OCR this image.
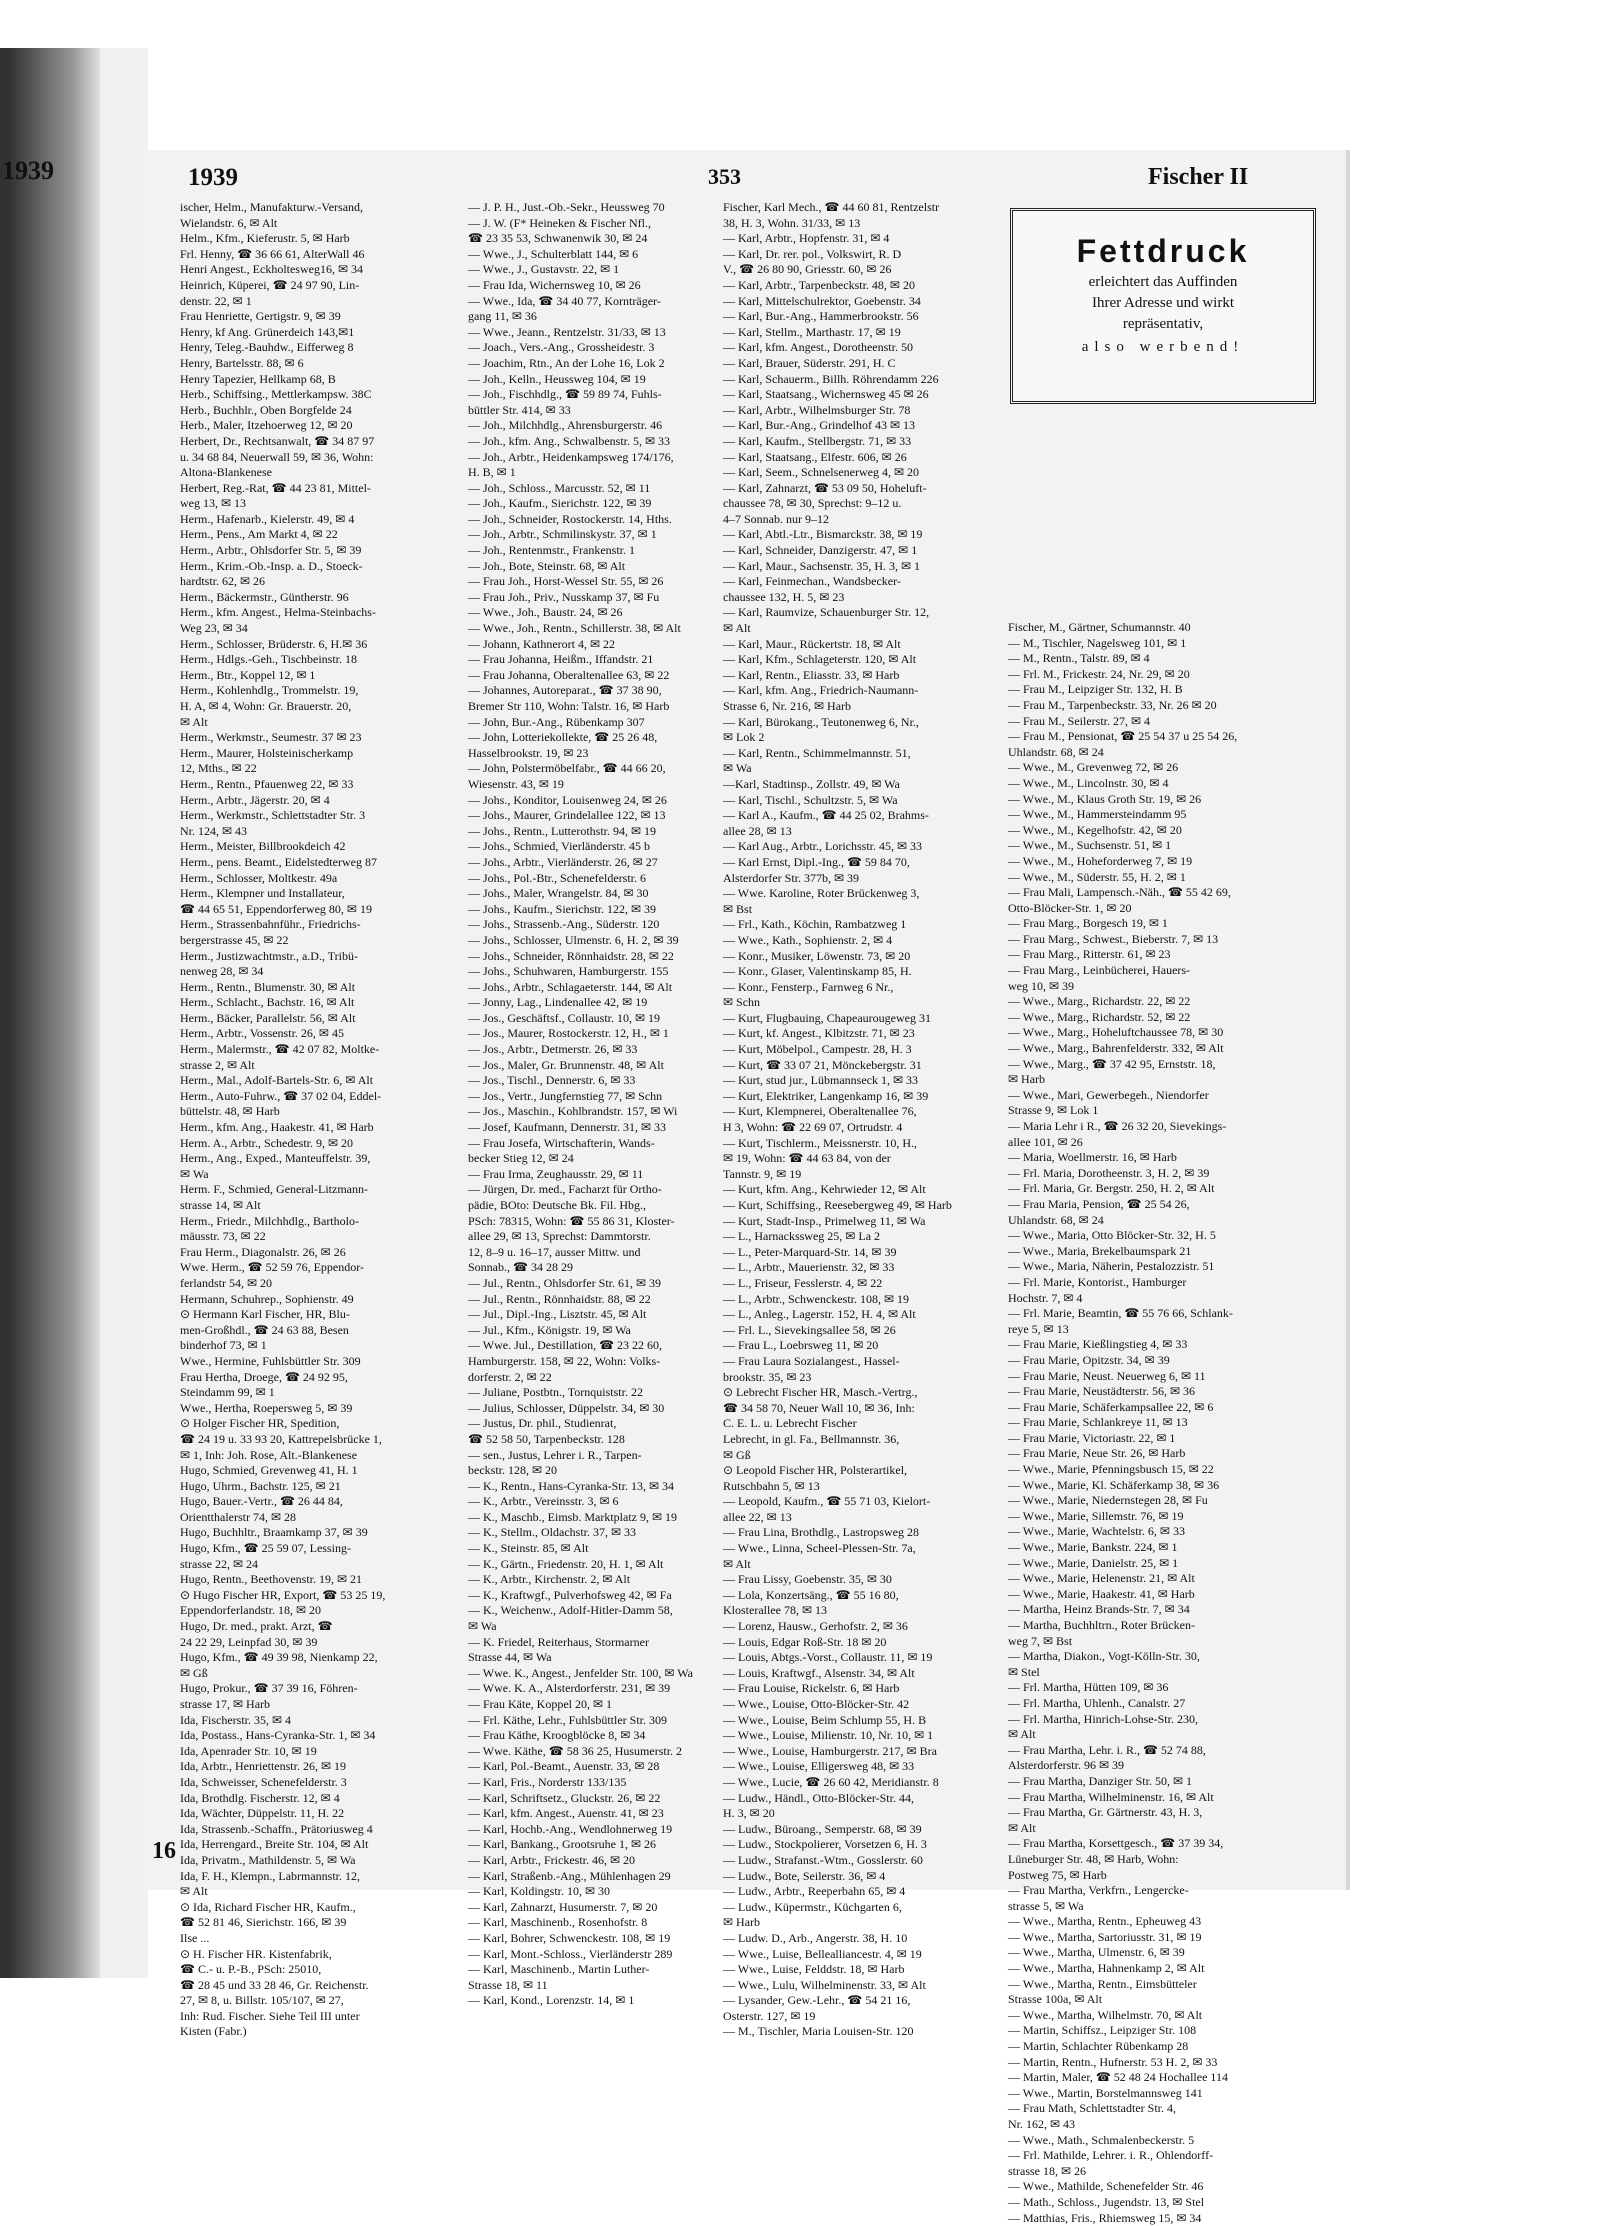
1939	1939	353	Fischer II
ischer, Helm., Manufakturw.-Versand,
Wielandstr. 6, ✉ Alt
Helm., Kfm., Kieferustr. 5, ✉ Harb
Frl. Henny, ☎ 36 66 61, AlterWall 46
Henri Angest., Eckholtesweg16, ✉ 34
Heinrich, Küperei, ☎ 24 97 90, Lin-
denstr. 22, ✉ 1
Frau Henriette, Gertigstr. 9, ✉ 39
Henry, kf Ang. Grünerdeich 143,✉1
Henry, Teleg.-Bauhdw., Eifferweg 8
Henry, Bartelsstr. 88, ✉ 6
Henry Tapezier, Hellkamp 68, B
Herb., Schiffsing., Mettlerkampsw. 38C
Herb., Buchhlr., Oben Borgfelde 24
Herb., Maler, Itzehoerweg 12, ✉ 20
Herbert, Dr., Rechtsanwalt, ☎ 34 87 97
u. 34 68 84, Neuerwall 59, ✉ 36, Wohn:
Altona-Blankenese
Herbert, Reg.-Rat, ☎ 44 23 81, Mittel-
weg 13, ✉ 13
Herm., Hafenarb., Kielerstr. 49, ✉ 4
Herm., Pens., Am Markt 4, ✉ 22
Herm., Arbtr., Ohlsdorfer Str. 5, ✉ 39
Herm., Krim.-Ob.-Insp. a. D., Stoeck-
hardtstr. 62, ✉ 26
Herm., Bäckermstr., Güntherstr. 96
Herm., kfm. Angest., Helma-Steinbachs-
Weg 23, ✉ 34
Herm., Schlosser, Brüderstr. 6, H.✉ 36
Herm., Hdlgs.-Geh., Tischbeinstr. 18
Herm., Btr., Koppel 12, ✉ 1
Herm., Kohlenhdlg., Trommelstr. 19,
H. A, ✉ 4, Wohn: Gr. Brauerstr. 20,
✉ Alt
Herm., Werkmstr., Seumestr. 37 ✉ 23
Herm., Maurer, Holsteinischerkamp
12, Mths., ✉ 22
Herm., Rentn., Pfauenweg 22, ✉ 33
Herm., Arbtr., Jägerstr. 20, ✉ 4
Herm., Werkmstr., Schlettstadter Str. 3
Nr. 124, ✉ 43
Herm., Meister, Billbrookdeich 42
Herm., pens. Beamt., Eidelstedterweg 87
Herm., Schlosser, Moltkestr. 49a
Herm., Klempner und Installateur,
☎ 44 65 51, Eppendorferweg 80, ✉ 19
Herm., Strassenbahnführ., Friedrichs-
bergerstrasse 45, ✉ 22
Herm., Justizwachtmstr., a.D., Tribü-
nenweg 28, ✉ 34
Herm., Rentn., Blumenstr. 30, ✉ Alt
Herm., Schlacht., Bachstr. 16, ✉ Alt
Herm., Bäcker, Parallelstr. 56, ✉ Alt
Herm., Arbtr., Vossenstr. 26, ✉ 45
Herm., Malermstr., ☎ 42 07 82, Moltke-
strasse 2, ✉ Alt
Herm., Mal., Adolf-Bartels-Str. 6, ✉ Alt
Herm., Auto-Fuhrw., ☎ 37 02 04, Eddel-
büttelstr. 48, ✉ Harb
Herm., kfm. Ang., Haakestr. 41, ✉ Harb
Herm. A., Arbtr., Schedestr. 9, ✉ 20
Herm., Ang., Exped., Manteuffelstr. 39,
✉ Wa
Herm. F., Schmied, General-Litzmann-
strasse 14, ✉ Alt
Herm., Friedr., Milchhdlg., Bartholo-
mäusstr. 73, ✉ 22
Frau Herm., Diagonalstr. 26, ✉ 26
Wwe. Herm., ☎ 52 59 76, Eppendor-
ferlandstr 54, ✉ 20
Hermann, Schuhrep., Sophienstr. 49
⊙ Hermann Karl Fischer, HR, Blu-
men-Großhdl., ☎ 24 63 88, Besen
binderhof 73, ✉ 1
Wwe., Hermine, Fuhlsbüttler Str. 309
Frau Hertha, Droege, ☎ 24 92 95,
Steindamm 99, ✉ 1
Wwe., Hertha, Roepersweg 5, ✉ 39
⊙ Holger Fischer HR, Spedition,
☎ 24 19 u. 33 93 20, Kattrepelsbrücke 1,
✉ 1, Inh: Joh. Rose, Alt.-Blankenese
Hugo, Schmied, Grevenweg 41, H. 1
Hugo, Uhrm., Bachstr. 125, ✉ 21
Hugo, Bauer.-Vertr., ☎ 26 44 84,
Orientthalerstr 74, ✉ 28
Hugo, Buchhltr., Braamkamp 37, ✉ 39
Hugo, Kfm., ☎ 25 59 07, Lessing-
strasse 22, ✉ 24
Hugo, Rentn., Beethovenstr. 19, ✉ 21
⊙ Hugo Fischer HR, Export, ☎ 53 25 19,
Eppendorferlandstr. 18, ✉ 20
Hugo, Dr. med., prakt. Arzt, ☎
24 22 29, Leinpfad 30, ✉ 39
Hugo, Kfm., ☎ 49 39 98, Nienkamp 22,
✉ Gß
Hugo, Prokur., ☎ 37 39 16, Föhren-
strasse 17, ✉ Harb
Ida, Fischerstr. 35, ✉ 4
Ida, Postass., Hans-Cyranka-Str. 1, ✉ 34
Ida, Apenrader Str. 10, ✉ 19
Ida, Arbtr., Henriettenstr. 26, ✉ 19
Ida, Schweisser, Schenefelderstr. 3
Ida, Brothdlg. Fischerstr. 12, ✉ 4
Ida, Wächter, Düppelstr. 11, H. 22
Ida, Strassenb.-Schaffn., Prätoriusweg 4
Ida, Herrengard., Breite Str. 104, ✉ Alt
Ida, Privatm., Mathildenstr. 5, ✉ Wa
Ida, F. H., Klempn., Labrmannstr. 12,
✉ Alt
⊙ Ida, Richard Fischer HR, Kaufm.,
☎ 52 81 46, Sierichstr. 166, ✉ 39
Ilse ...
⊙ H. Fischer HR. Kistenfabrik,
☎ C.- u. P.-B., PSch: 25010,
☎ 28 45 und 33 28 46, Gr. Reichenstr.
27, ✉ 8, u. Billstr. 105/107, ✉ 27,
Inh: Rud. Fischer. Siehe Teil III unter
Kisten (Fabr.)
— J. P. H., Just.-Ob.-Sekr., Heussweg 70
— J. W. (F* Heineken & Fischer Nfl.,
☎ 23 35 53, Schwanenwik 30, ✉ 24
— Wwe., J., Schulterblatt 144, ✉ 6
— Wwe., J., Gustavstr. 22, ✉ 1
— Frau Ida, Wichernsweg 10, ✉ 26
— Wwe., Ida, ☎ 34 40 77, Kornträger-
gang 11, ✉ 36
— Wwe., Jeann., Rentzelstr. 31/33, ✉ 13
— Joach., Vers.-Ang., Grossheidestr. 3
— Joachim, Rtn., An der Lohe 16, Lok 2
— Joh., Kelln., Heussweg 104, ✉ 19
— Joh., Fischhdlg., ☎ 59 89 74, Fuhls-
büttler Str. 414, ✉ 33
— Joh., Milchhdlg., Ahrensburgerstr. 46
— Joh., kfm. Ang., Schwalbenstr. 5, ✉ 33
— Joh., Arbtr., Heidenkampsweg 174/176,
H. B, ✉ 1
— Joh., Schloss., Marcusstr. 52, ✉ 11
— Joh., Kaufm., Sierichstr. 122, ✉ 39
— Joh., Schneider, Rostockerstr. 14, Hths.
— Joh., Arbtr., Schmilinskystr. 37, ✉ 1
— Joh., Rentenmstr., Frankenstr. 1
— Joh., Bote, Steinstr. 68, ✉ Alt
— Frau Joh., Horst-Wessel Str. 55, ✉ 26
— Frau Joh., Priv., Nusskamp 37, ✉ Fu
— Wwe., Joh., Baustr. 24, ✉ 26
— Wwe., Joh., Rentn., Schillerstr. 38, ✉ Alt
— Johann, Kathnerort 4, ✉ 22
— Frau Johanna, Heißm., Iffandstr. 21
— Frau Johanna, Oberaltenallee 63, ✉ 22
— Johannes, Autoreparat., ☎ 37 38 90,
Bremer Str 110, Wohn: Talstr. 16, ✉ Harb
— John, Bur.-Ang., Rübenkamp 307
— John, Lotteriekollekte, ☎ 25 26 48,
Hasselbrookstr. 19, ✉ 23
— John, Polstermöbelfabr., ☎ 44 66 20,
Wiesenstr. 43, ✉ 19
— Johs., Konditor, Louisenweg 24, ✉ 26
— Johs., Maurer, Grindelallee 122, ✉ 13
— Johs., Rentn., Lutterothstr. 94, ✉ 19
— Johs., Schmied, Vierländerstr. 45 b
— Johs., Arbtr., Vierländerstr. 26, ✉ 27
— Johs., Pol.-Btr., Schenefelderstr. 6
— Johs., Maler, Wrangelstr. 84, ✉ 30
— Johs., Kaufm., Sierichstr. 122, ✉ 39
— Johs., Strassenb.-Ang., Süderstr. 120
— Johs., Schlosser, Ulmenstr. 6, H. 2, ✉ 39
— Johs., Schneider, Rönnhaidstr. 28, ✉ 22
— Johs., Schuhwaren, Hamburgerstr. 155
— Johs., Arbtr., Schlagaeterstr. 144, ✉ Alt
— Jonny, Lag., Lindenallee 42, ✉ 19
— Jos., Geschäftsf., Collaustr. 10, ✉ 19
— Jos., Maurer, Rostockerstr. 12, H., ✉ 1
— Jos., Arbtr., Detmerstr. 26, ✉ 33
— Jos., Maler, Gr. Brunnenstr. 48, ✉ Alt
— Jos., Tischl., Dennerstr. 6, ✉ 33
— Jos., Vertr., Jungfernstieg 77, ✉ Schn
— Jos., Maschin., Kohlbrandstr. 157, ✉ Wi
— Josef, Kaufmann, Dennerstr. 31, ✉ 33
— Frau Josefa, Wirtschafterin, Wands-
becker Stieg 12, ✉ 24
— Frau Irma, Zeughausstr. 29, ✉ 11
— Jürgen, Dr. med., Facharzt für Ortho-
pädie, BOto: Deutsche Bk. Fil. Hbg.,
PSch: 78315, Wohn: ☎ 55 86 31, Kloster-
allee 29, ✉ 13, Sprechst: Dammtorstr.
12, 8–9 u. 16–17, ausser Mittw. und
Sonnab., ☎ 34 28 29
— Jul., Rentn., Ohlsdorfer Str. 61, ✉ 39
— Jul., Rentn., Rönnhaidstr. 88, ✉ 22
— Jul., Dipl.-Ing., Lisztstr. 45, ✉ Alt
— Jul., Kfm., Königstr. 19, ✉ Wa
— Wwe. Jul., Destillation, ☎ 23 22 60,
Hamburgerstr. 158, ✉ 22, Wohn: Volks-
dorferstr. 2, ✉ 22
— Juliane, Postbtn., Tornquiststr. 22
— Julius, Schlosser, Düppelstr. 34, ✉ 30
— Justus, Dr. phil., Studienrat,
☎ 52 58 50, Tarpenbeckstr. 128
— sen., Justus, Lehrer i. R., Tarpen-
beckstr. 128, ✉ 20
— K., Rentn., Hans-Cyranka-Str. 13, ✉ 34
— K., Arbtr., Vereinsstr. 3, ✉ 6
— K., Maschb., Eimsb. Marktplatz 9, ✉ 19
— K., Stellm., Oldachstr. 37, ✉ 33
— K., Steinstr. 85, ✉ Alt
— K., Gärtn., Friedenstr. 20, H. 1, ✉ Alt
— K., Arbtr., Kirchenstr. 2, ✉ Alt
— K., Kraftwgf., Pulverhofsweg 42, ✉ Fa
— K., Weichenw., Adolf-Hitler-Damm 58,
✉ Wa
— K. Friedel, Reiterhaus, Stormarner
Strasse 44, ✉ Wa
— Wwe. K., Angest., Jenfelder Str. 100, ✉ Wa
— Wwe. K. A., Alsterdorferstr. 231, ✉ 39
— Frau Käte, Koppel 20, ✉ 1
— Frl. Käthe, Lehr., Fuhlsbüttler Str. 309
— Frau Käthe, Kroogblöcke 8, ✉ 34
— Wwe. Käthe, ☎ 58 36 25, Husumerstr. 2
— Karl, Pol.-Beamt., Auenstr. 33, ✉ 28
— Karl, Fris., Norderstr 133/135
— Karl, Schriftsetz., Gluckstr. 26, ✉ 22
— Karl, kfm. Angest., Auenstr. 41, ✉ 23
— Karl, Hochb.-Ang., Wendlohnerweg 19
— Karl, Bankang., Grootsruhe 1, ✉ 26
— Karl, Arbtr., Frickestr. 46, ✉ 20
— Karl, Straßenb.-Ang., Mühlenhagen 29
— Karl, Koldingstr. 10, ✉ 30
— Karl, Zahnarzt, Husumerstr. 7, ✉ 20
— Karl, Maschinenb., Rosenhofstr. 8
— Karl, Bohrer, Schwenckestr. 108, ✉ 19
— Karl, Mont.-Schloss., Vierländerstr 289
— Karl, Maschinenb., Martin Luther-
Strasse 18, ✉ 11
— Karl, Kond., Lorenzstr. 14, ✉ 1
Fischer, Karl Mech., ☎ 44 60 81, Rentzelstr
38, H. 3, Wohn. 31/33, ✉ 13
— Karl, Arbtr., Hopfenstr. 31, ✉ 4
— Karl, Dr. rer. pol., Volkswirt, R. D
V., ☎ 26 80 90, Griesstr. 60, ✉ 26
— Karl, Arbtr., Tarpenbeckstr. 48, ✉ 20
— Karl, Mittelschulrektor, Goebenstr. 34
— Karl, Bur.-Ang., Hammerbrookstr. 56
— Karl, Stellm., Marthastr. 17, ✉ 19
— Karl, kfm. Angest., Dorotheenstr. 50
— Karl, Brauer, Süderstr. 291, H. C
— Karl, Schauerm., Billh. Röhrendamm 226
— Karl, Staatsang., Wichernsweg 45 ✉ 26
— Karl, Arbtr., Wilhelmsburger Str. 78
— Karl, Bur.-Ang., Grindelhof 43 ✉ 13
— Karl, Kaufm., Stellbergstr. 71, ✉ 33
— Karl, Staatsang., Elfestr. 606, ✉ 26
— Karl, Seem., Schnelsenerweg 4, ✉ 20
— Karl, Zahnarzt, ☎ 53 09 50, Hoheluft-
chaussee 78, ✉ 30, Sprechst: 9–12 u.
4–7 Sonnab. nur 9–12
— Karl, Abtl.-Ltr., Bismarckstr. 38, ✉ 19
— Karl, Schneider, Danzigerstr. 47, ✉ 1
— Karl, Maur., Sachsenstr. 35, H. 3, ✉ 1
— Karl, Feinmechan., Wandsbecker-
chaussee 132, H. 5, ✉ 23
— Karl, Raumvize, Schauenburger Str. 12,
✉ Alt
— Karl, Maur., Rückertstr. 18, ✉ Alt
— Karl, Kfm., Schlageterstr. 120, ✉ Alt
— Karl, Rentn., Eliasstr. 33, ✉ Harb
— Karl, kfm. Ang., Friedrich-Naumann-
Strasse 6, Nr. 216, ✉ Harb
— Karl, Bürokang., Teutonenweg 6, Nr.,
✉ Lok 2
— Karl, Rentn., Schimmelmannstr. 51,
✉ Wa
—Karl, Stadtinsp., Zollstr. 49, ✉ Wa
— Karl, Tischl., Schultzstr. 5, ✉ Wa
— Karl A., Kaufm., ☎ 44 25 02, Brahms-
allee 28, ✉ 13
— Karl Aug., Arbtr., Lorichsstr. 45, ✉ 33
— Karl Ernst, Dipl.-Ing., ☎ 59 84 70,
Alsterdorfer Str. 377b, ✉ 39
— Wwe. Karoline, Roter Brückenweg 3,
✉ Bst
— Frl., Kath., Köchin, Rambatzweg 1
— Wwe., Kath., Sophienstr. 2, ✉ 4
— Konr., Musiker, Löwenstr. 73, ✉ 20
— Konr., Glaser, Valentinskamp 85, H.
— Konr., Fensterp., Farnweg 6 Nr.,
✉ Schn
— Kurt, Flugbauing, Chapeaurougeweg 31
— Kurt, kf. Angest., Klbitzstr. 71, ✉ 23
— Kurt, Möbelpol., Campestr. 28, H. 3
— Kurt, ☎ 33 07 21, Mönckebergstr. 31
— Kurt, stud jur., Lübmannseck 1, ✉ 33
— Kurt, Elektriker, Langenkamp 16, ✉ 39
— Kurt, Klempnerei, Oberaltenallee 76,
H 3, Wohn: ☎ 22 69 07, Ortrudstr. 4
— Kurt, Tischlerm., Meissnerstr. 10, H.,
✉ 19, Wohn: ☎ 44 63 84, von der
Tannstr. 9, ✉ 19
— Kurt, kfm. Ang., Kehrwieder 12, ✉ Alt
— Kurt, Schiffsing., Reesebergweg 49, ✉ Harb
— Kurt, Stadt-Insp., Primelweg 11, ✉ Wa
— L., Harnackssweg 25, ✉ La 2
— L., Peter-Marquard-Str. 14, ✉ 39
— L., Arbtr., Mauerienstr. 32, ✉ 33
— L., Friseur, Fesslerstr. 4, ✉ 22
— L., Arbtr., Schwenckestr. 108, ✉ 19
— L., Anleg., Lagerstr. 152, H. 4, ✉ Alt
— Frl. L., Sievekingsallee 58, ✉ 26
— Frau L., Loebrsweg 11, ✉ 20
— Frau Laura Sozialangest., Hassel-
brookstr. 35, ✉ 23
⊙ Lebrecht Fischer HR, Masch.-Vertrg.,
☎ 34 58 70, Neuer Wall 10, ✉ 36, Inh:
C. E. L. u. Lebrecht Fischer
Lebrecht, in gl. Fa., Bellmannstr. 36,
✉ Gß
⊙ Leopold Fischer HR, Polsterartikel,
Rutschbahn 5, ✉ 13
— Leopold, Kaufm., ☎ 55 71 03, Kielort-
allee 22, ✉ 13
— Frau Lina, Brothdlg., Lastropsweg 28
— Wwe., Linna, Scheel-Plessen-Str. 7a,
✉ Alt
— Frau Lissy, Goebenstr. 35, ✉ 30
— Lola, Konzertsäng., ☎ 55 16 80,
Klosterallee 78, ✉ 13
— Lorenz, Hausw., Gerhofstr. 2, ✉ 36
— Louis, Edgar Roß-Str. 18 ✉ 20
— Louis, Abtgs.-Vorst., Collaustr. 11, ✉ 19
— Louis, Kraftwgf., Alsenstr. 34, ✉ Alt
— Frau Louise, Rickelstr. 6, ✉ Harb
— Wwe., Louise, Otto-Blöcker-Str. 42
— Wwe., Louise, Beim Schlump 55, H. B
— Wwe., Louise, Milienstr. 10, Nr. 10, ✉ 1
— Wwe., Louise, Hamburgerstr. 217, ✉ Bra
— Wwe., Louise, Elligersweg 48, ✉ 33
— Wwe., Lucie, ☎ 26 60 42, Meridianstr. 8
— Ludw., Händl., Otto-Blöcker-Str. 44,
H. 3, ✉ 20
— Ludw., Büroang., Semperstr. 68, ✉ 39
— Ludw., Stockpolierer, Vorsetzen 6, H. 3
— Ludw., Strafanst.-Wtm., Gosslerstr. 60
— Ludw., Bote, Seilerstr. 36, ✉ 4
— Ludw., Arbtr., Reeperbahn 65, ✉ 4
— Ludw., Küpermstr., Küchgarten 6,
✉ Harb
— Ludw. D., Arb., Angerstr. 38, H. 10
— Wwe., Luise, Bellealliancestr. 4, ✉ 19
— Wwe., Luise, Felddstr. 18, ✉ Harb
— Wwe., Lulu, Wilhelminenstr. 33, ✉ Alt
— Lysander, Gew.-Lehr., ☎ 54 21 16,
Osterstr. 127, ✉ 19
— M., Tischler, Maria Louisen-Str. 120
Fettdruck
erleichtert das Auffinden
Ihrer Adresse und wirkt
repräsentativ,
also werbend!
Fischer, M., Gärtner, Schumannstr. 40
— M., Tischler, Nagelsweg 101, ✉ 1
— M., Rentn., Talstr. 89, ✉ 4
— Frl. M., Frickestr. 24, Nr. 29, ✉ 20
— Frau M., Leipziger Str. 132, H. B
— Frau M., Tarpenbeckstr. 33, Nr. 26 ✉ 20
— Frau M., Seilerstr. 27, ✉ 4
— Frau M., Pensionat, ☎ 25 54 37 u 25 54 26,
Uhlandstr. 68, ✉ 24
— Wwe., M., Grevenweg 72, ✉ 26
— Wwe., M., Lincolnstr. 30, ✉ 4
— Wwe., M., Klaus Groth Str. 19, ✉ 26
— Wwe., M., Hammersteindamm 95
— Wwe., M., Kegelhofstr. 42, ✉ 20
— Wwe., M., Suchsenstr. 51, ✉ 1
— Wwe., M., Hoheforderweg 7, ✉ 19
— Wwe., M., Süderstr. 55, H. 2, ✉ 1
— Frau Mali, Lampensch.-Näh., ☎ 55 42 69,
Otto-Blöcker-Str. 1, ✉ 20
— Frau Marg., Borgesch 19, ✉ 1
— Frau Marg., Schwest., Bieberstr. 7, ✉ 13
— Frau Marg., Ritterstr. 61, ✉ 23
— Frau Marg., Leinbücherei, Hauers-
weg 10, ✉ 39
— Wwe., Marg., Richardstr. 22, ✉ 22
— Wwe., Marg., Richardstr. 52, ✉ 22
— Wwe., Marg., Hoheluftchaussee 78, ✉ 30
— Wwe., Marg., Bahrenfelderstr. 332, ✉ Alt
— Wwe., Marg., ☎ 37 42 95, Ernststr. 18,
✉ Harb
— Wwe., Mari, Gewerbegeh., Niendorfer
Strasse 9, ✉ Lok 1
— Maria Lehr i R., ☎ 26 32 20, Sievekings-
allee 101, ✉ 26
— Maria, Woellmerstr. 16, ✉ Harb
— Frl. Maria, Dorotheenstr. 3, H. 2, ✉ 39
— Frl. Maria, Gr. Bergstr. 250, H. 2, ✉ Alt
— Frau Maria, Pension, ☎ 25 54 26,
Uhlandstr. 68, ✉ 24
— Wwe., Maria, Otto Blöcker-Str. 32, H. 5
— Wwe., Maria, Brekelbaumspark 21
— Wwe., Maria, Näherin, Pestalozzistr. 51
— Frl. Marie, Kontorist., Hamburger
Hochstr. 7, ✉ 4
— Frl. Marie, Beamtin, ☎ 55 76 66, Schlank-
reye 5, ✉ 13
— Frau Marie, Kießlingstieg 4, ✉ 33
— Frau Marie, Opitzstr. 34, ✉ 39
— Frau Marie, Neust. Neuerweg 6, ✉ 11
— Frau Marie, Neustädterstr. 56, ✉ 36
— Frau Marie, Schäferkampsallee 22, ✉ 6
— Frau Marie, Schlankreye 11, ✉ 13
— Frau Marie, Victoriastr. 22, ✉ 1
— Frau Marie, Neue Str. 26, ✉ Harb
— Wwe., Marie, Pfenningsbusch 15, ✉ 22
— Wwe., Marie, Kl. Schäferkamp 38, ✉ 36
— Wwe., Marie, Niedernstegen 28, ✉ Fu
— Wwe., Marie, Sillemstr. 76, ✉ 19
— Wwe., Marie, Wachtelstr. 6, ✉ 33
— Wwe., Marie, Bankstr. 224, ✉ 1
— Wwe., Marie, Danielstr. 25, ✉ 1
— Wwe., Marie, Helenenstr. 21, ✉ Alt
— Wwe., Marie, Haakestr. 41, ✉ Harb
— Martha, Heinz Brands-Str. 7, ✉ 34
— Martha, Buchhltrn., Roter Brücken-
weg 7, ✉ Bst
— Martha, Diakon., Vogt-Kölln-Str. 30,
✉ Stel
— Frl. Martha, Hütten 109, ✉ 36
— Frl. Martha, Uhlenh., Canalstr. 27
— Frl. Martha, Hinrich-Lohse-Str. 230,
✉ Alt
— Frau Martha, Lehr. i. R., ☎ 52 74 88,
Alsterdorferstr. 96 ✉ 39
— Frau Martha, Danziger Str. 50, ✉ 1
— Frau Martha, Wilhelminenstr. 16, ✉ Alt
— Frau Martha, Gr. Gärtnerstr. 43, H. 3,
✉ Alt
— Frau Martha, Korsettgesch., ☎ 37 39 34,
Lüneburger Str. 48, ✉ Harb, Wohn:
Postweg 75, ✉ Harb
— Frau Martha, Verkfrn., Lengercke-
strasse 5, ✉ Wa
— Wwe., Martha, Rentn., Epheuweg 43
— Wwe., Martha, Sartoriusstr. 31, ✉ 19
— Wwe., Martha, Ulmenstr. 6, ✉ 39
— Wwe., Martha, Hahnenkamp 2, ✉ Alt
— Wwe., Martha, Rentn., Eimsbütteler
Strasse 100a, ✉ Alt
— Wwe., Martha, Wilhelmstr. 70, ✉ Alt
— Martin, Schiffsz., Leipziger Str. 108
— Martin, Schlachter Rübenkamp 28
— Martin, Rentn., Hufnerstr. 53 H. 2, ✉ 33
— Martin, Maler, ☎ 52 48 24 Hochallee 114
— Wwe., Martin, Borstelmannsweg 141
— Frau Math, Schlettstadter Str. 4,
Nr. 162, ✉ 43
— Wwe., Math., Schmalenbeckerstr. 5
— Frl. Mathilde, Lehrer. i. R., Ohlendorff-
strasse 18, ✉ 26
— Wwe., Mathilde, Schenefelder Str. 46
— Math., Schloss., Jugendstr. 13, ✉ Stel
— Matthias, Fris., Rhiemsweg 15, ✉ 34
16
